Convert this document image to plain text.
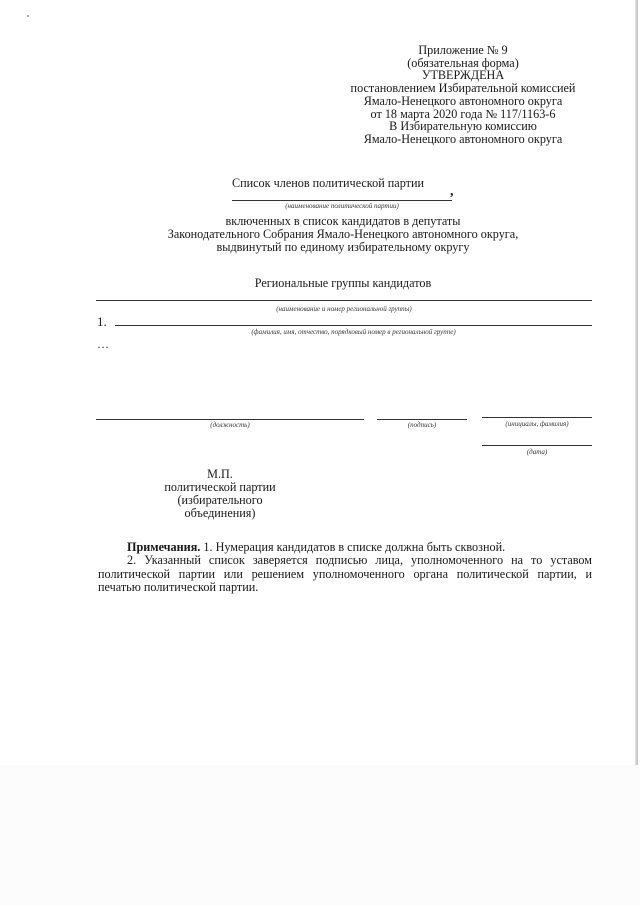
Приложение № 9
(обязательная форма)
УТВЕРЖДЕНА
постановлением Избирательной комиссией
Ямало-Ненецкого автономного округа
от 18 марта 2020 года № 117/1163-6
В Избирательную комиссию
Ямало-Ненецкого автономного округа
Список членов политической партии
,
(наименование политической партии)
включенных в список кандидатов в депутаты
Законодательного Собрания Ямало-Ненецкого автономного округа,
выдвинутый по единому избирательному округу
Региональные группы кандидатов
(наименование и номер региональной группы)
1.
(фамилия, имя, отчество, порядковый номер в региональной группе)
…
(должность)	(подпись)	(инициалы, фамилия)
(дата)
М.П.
политической партии
(избирательного
объединения)

Примечания. 1. Нумерация кандидатов в списке должна быть сквозной.

2. Указанный список заверяется подписью лица, уполномоченного на то уставом политической партии или решением уполномоченного органа политической партии, и печатью политической партии.
